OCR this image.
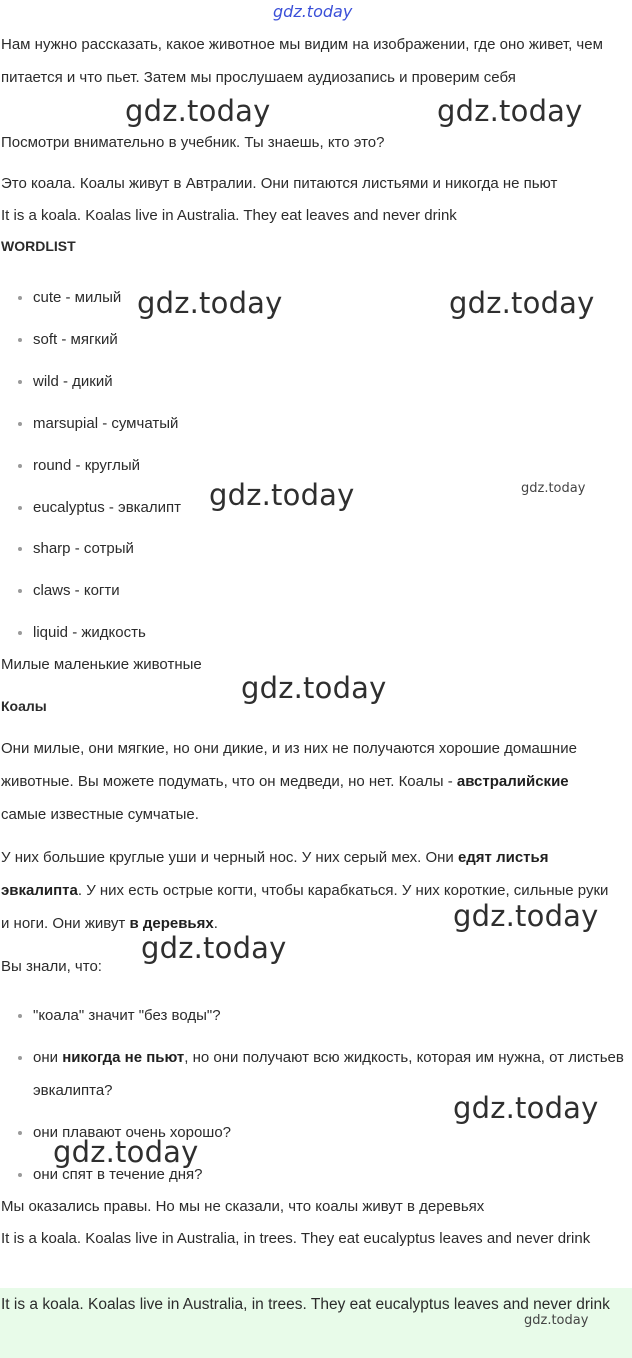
gdz.today
Нам нужно рассказать, какое животное мы видим на изображении, где оно живет, чем питается и что пьет. Затем мы прослушаем аудиозапись и проверим себя
Посмотри внимательно в учебник. Ты знаешь, кто это?
Это коала. Коалы живут в Автралии. Они питаются листьями и никогда не пьют
It is a koala. Koalas live in Australia. They eat leaves and never drink
WORDLIST
cute - милый
soft - мягкий
wild - дикий
marsupial - сумчатый
round - круглый
eucalyptus - эвкалипт
sharp - сотрый
claws - когти
liquid - жидкость
Милые маленькие животные
Коалы
Они милые, они мягкие, но они дикие, и из них не получаются хорошие домашние животные. Вы можете подумать, что он медведи, но нет. Коалы - австралийские самые известные сумчатые.
У них большие круглые уши и черный нос. У них серый мех. Они едят листья эвкалипта. У них есть острые когти, чтобы карабкаться. У них короткие, сильные руки и ноги. Они живут в деревьях.
Вы знали, что:
"коала" значит "без воды"?
они никогда не пьют, но они получают всю жидкость, которая им нужна, от листьев эвкалипта?
они плавают очень хорошо?
они спят в течение дня?
Мы оказались правы. Но мы не сказали, что коалы живут в деревьях
It is a koala. Koalas live in Australia, in trees. They eat eucalyptus leaves and never drink
It is a koala. Koalas live in Australia, in trees. They eat eucalyptus leaves and never drink
gdz.today	gdz.today
gdz.today	gdz.today
gdz.today
gdz.today
gdz.today
gdz.today
gdz.today
gdz.today
gdz.today
gdz.today
